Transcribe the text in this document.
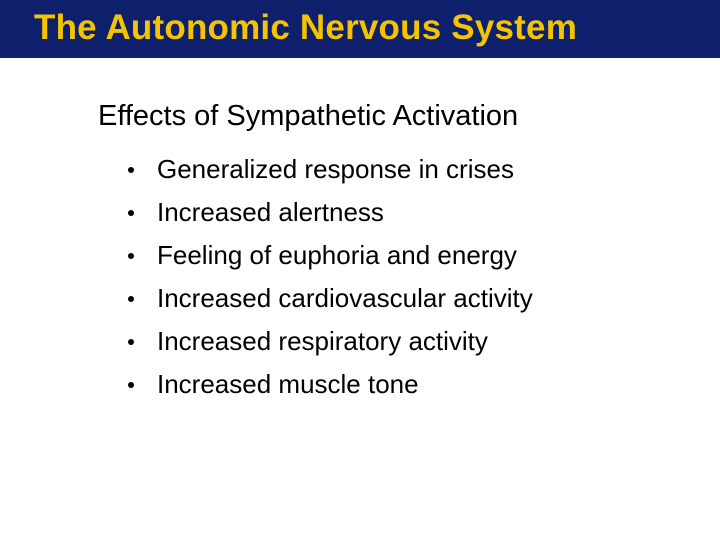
The Autonomic Nervous System
Effects of Sympathetic Activation
Generalized response in crises
Increased alertness
Feeling of euphoria and energy
Increased cardiovascular activity
Increased respiratory activity
Increased muscle tone
